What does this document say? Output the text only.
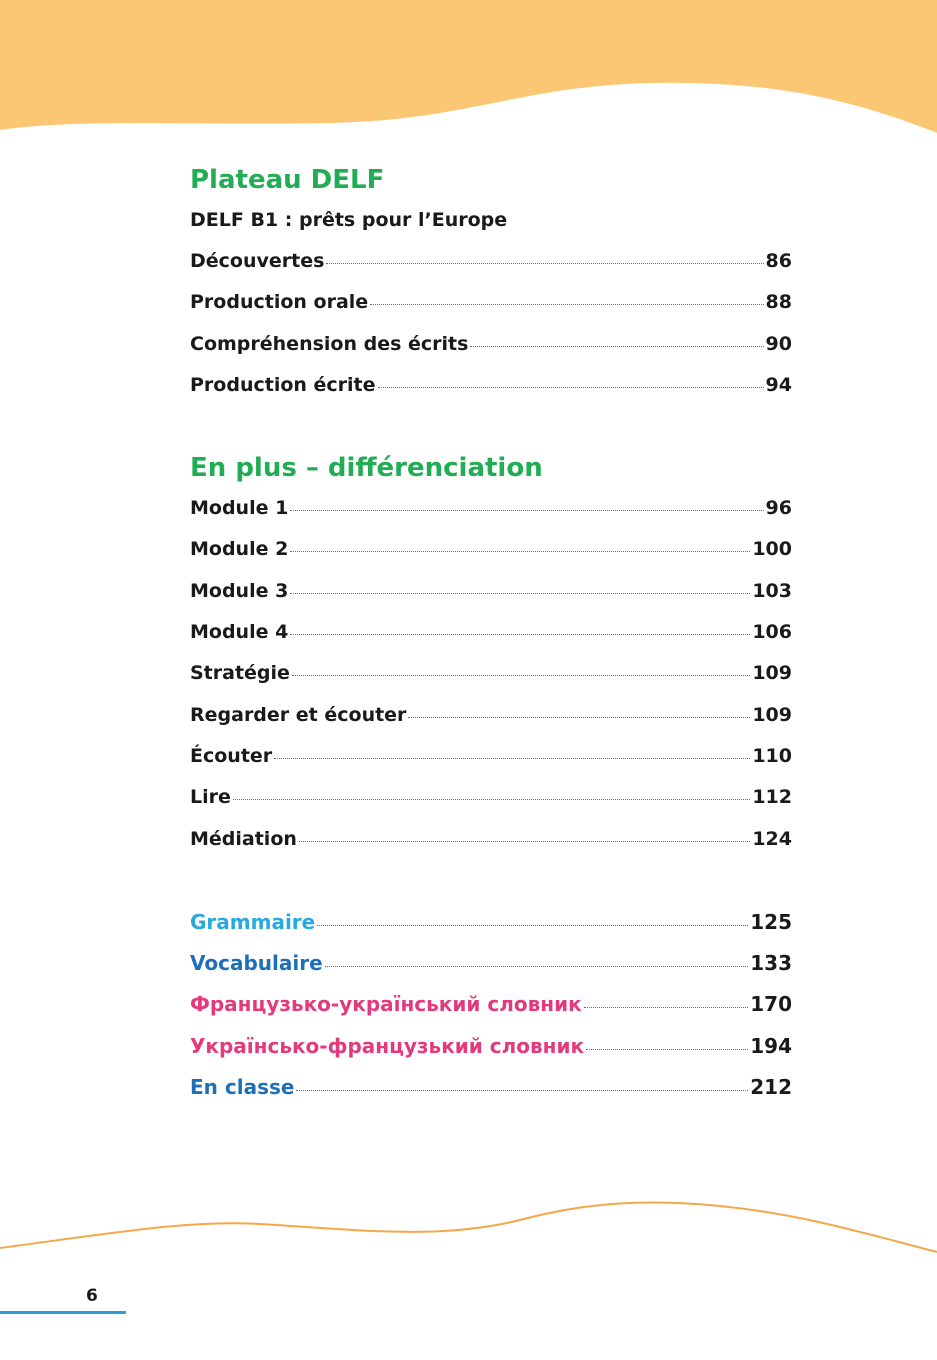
Plateau DELF
DELF B1 : prêts pour l’Europe
Découvertes	86
Production orale	88
Compréhension des écrits	90
Production écrite	94
En plus – différenciation
Module 1	96
Module 2	100
Module 3	103
Module 4	106
Stratégie	109
Regarder et écouter	109
Écouter	110
Lire	112
Médiation	124
Grammaire	125
Vocabulaire	133
Французько-український словник	170
Українсько-французький словник	194
En classe	212
6
